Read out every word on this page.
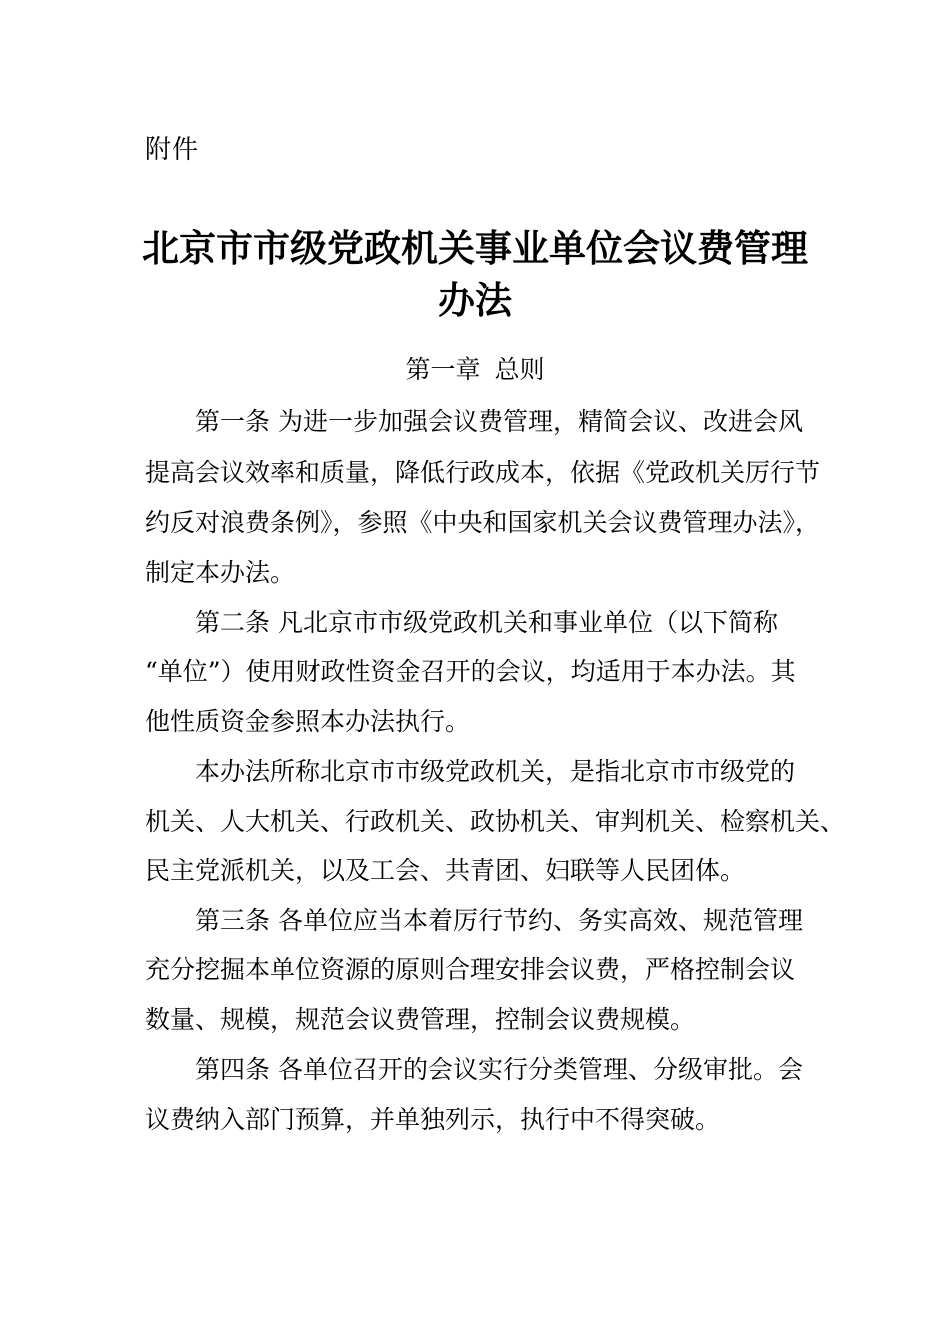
附件
北京市市级党政机关事业单位会议费管理
办法
第一章 总则
　　第一条 为进一步加强会议费管理，精简会议、改进会风
提高会议效率和质量，降低行政成本，依据《党政机关厉行节
约反对浪费条例》，参照《中央和国家机关会议费管理办法》，
制定本办法。
　　第二条 凡北京市市级党政机关和事业单位（以下简称
“单位”）使用财政性资金召开的会议，均适用于本办法。其
他性质资金参照本办法执行。
　　本办法所称北京市市级党政机关，是指北京市市级党的
机关、人大机关、行政机关、政协机关、审判机关、检察机关、
民主党派机关，以及工会、共青团、妇联等人民团体。
　　第三条 各单位应当本着厉行节约、务实高效、规范管理
充分挖掘本单位资源的原则合理安排会议费，严格控制会议
数量、规模，规范会议费管理，控制会议费规模。
　　第四条 各单位召开的会议实行分类管理、分级审批。会
议费纳入部门预算，并单独列示，执行中不得突破。
